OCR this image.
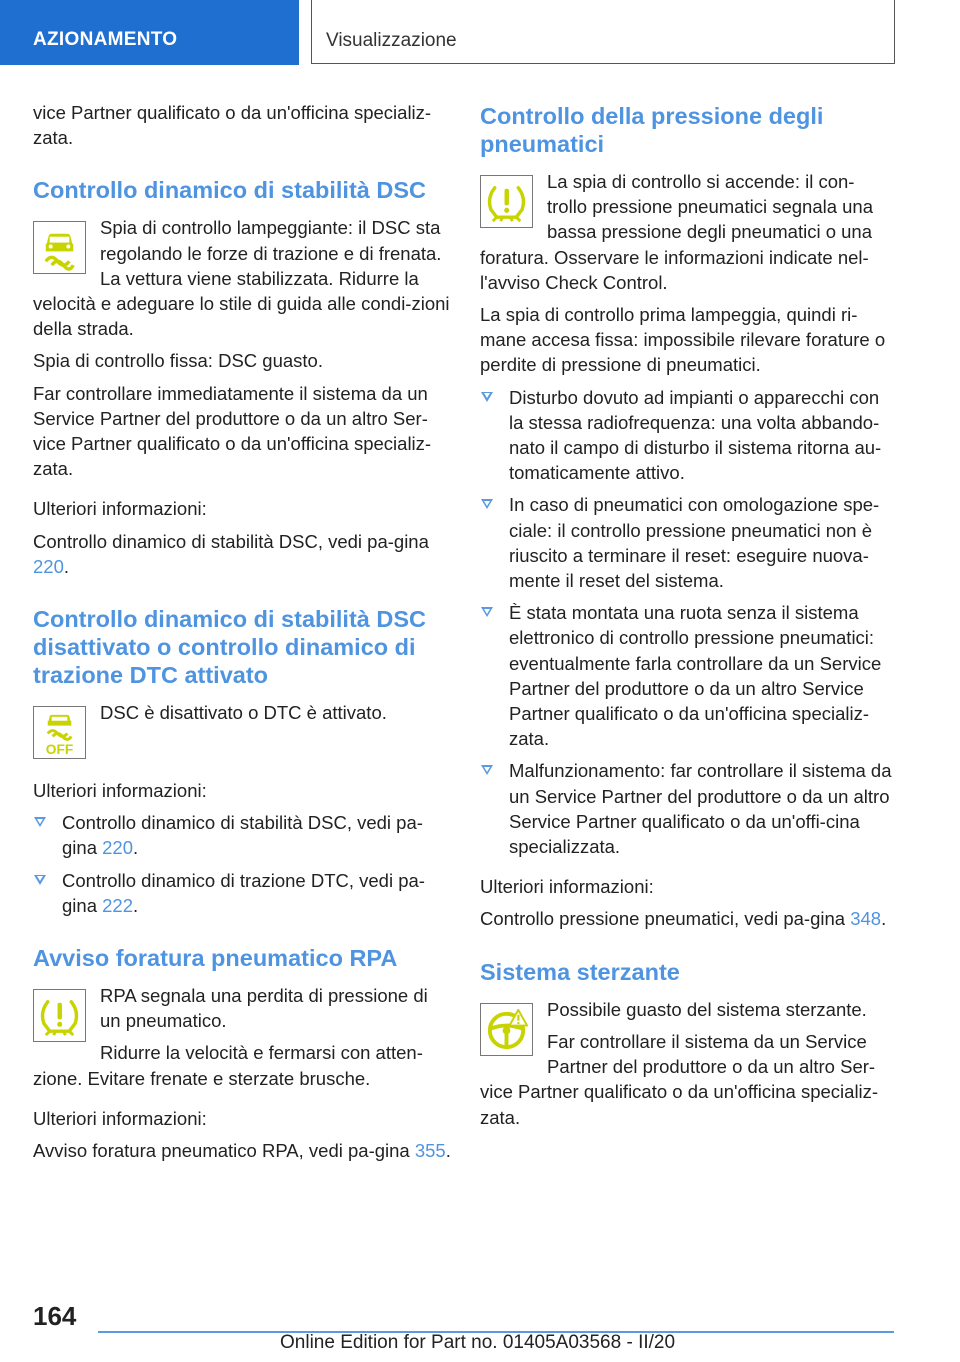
AZIONAMENTO	Visualizzazione

vice Partner qualificato o da un'officina specializ-zata.

Controllo dinamico di stabilità DSC

Spia di controllo lampeggiante: il DSC sta regolando le forze di trazione e di frenata. La vettura viene stabilizzata. Ridurre la velocità e adeguare lo stile di guida alle condi-zioni della strada.

Spia di controllo fissa: DSC guasto.

Far controllare immediatamente il sistema da un Service Partner del produttore o da un altro Ser-vice Partner qualificato o da un'officina specializ-zata.

Ulteriori informazioni:

Controllo dinamico di stabilità DSC, vedi pa-gina 220.

Controllo dinamico di stabilità DSC disattivato o controllo dinamico di trazione DTC attivato
OFF

DSC è disattivato o DTC è attivato.

Ulteriori informazioni:

Controllo dinamico di stabilità DSC, vedi pa-gina 220.
Controllo dinamico di trazione DTC, vedi pa-gina 222.
Avviso foratura pneumatico RPA

RPA segnala una perdita di pressione di un pneumatico.

Ridurre la velocità e fermarsi con atten-zione. Evitare frenate e sterzate brusche.

Ulteriori informazioni:

Avviso foratura pneumatico RPA, vedi pa-gina 355.

Controllo della pressione degli pneumatici

La spia di controllo si accende: il con-trollo pressione pneumatici segnala una bassa pressione degli pneumatici o una foratura. Osservare le informazioni indicate nel-l'avviso Check Control.

La spia di controllo prima lampeggia, quindi ri-mane accesa fissa: impossibile rilevare forature o perdite di pressione di pneumatici.

Disturbo dovuto ad impianti o apparecchi con la stessa radiofrequenza: una volta abbando-nato il campo di disturbo il sistema ritorna au-tomaticamente attivo.
In caso di pneumatici con omologazione spe-ciale: il controllo pressione pneumatici non è riuscito a terminare il reset: eseguire nuova-mente il reset del sistema.
È stata montata una ruota senza il sistema elettronico di controllo pressione pneumatici: eventualmente farla controllare da un Service Partner del produttore o da un altro Service Partner qualificato o da un'officina specializ-zata.
Malfunzionamento: far controllare il sistema da un Service Partner del produttore o da un altro Service Partner qualificato o da un'offi-cina specializzata.

Ulteriori informazioni:

Controllo pressione pneumatici, vedi pa-gina 348.

Sistema sterzante

Possibile guasto del sistema sterzante.

Far controllare il sistema da un Service Partner del produttore o da un altro Ser-vice Partner qualificato o da un'officina specializ-zata.

164
Online Edition for Part no. 01405A03568 - II/20
